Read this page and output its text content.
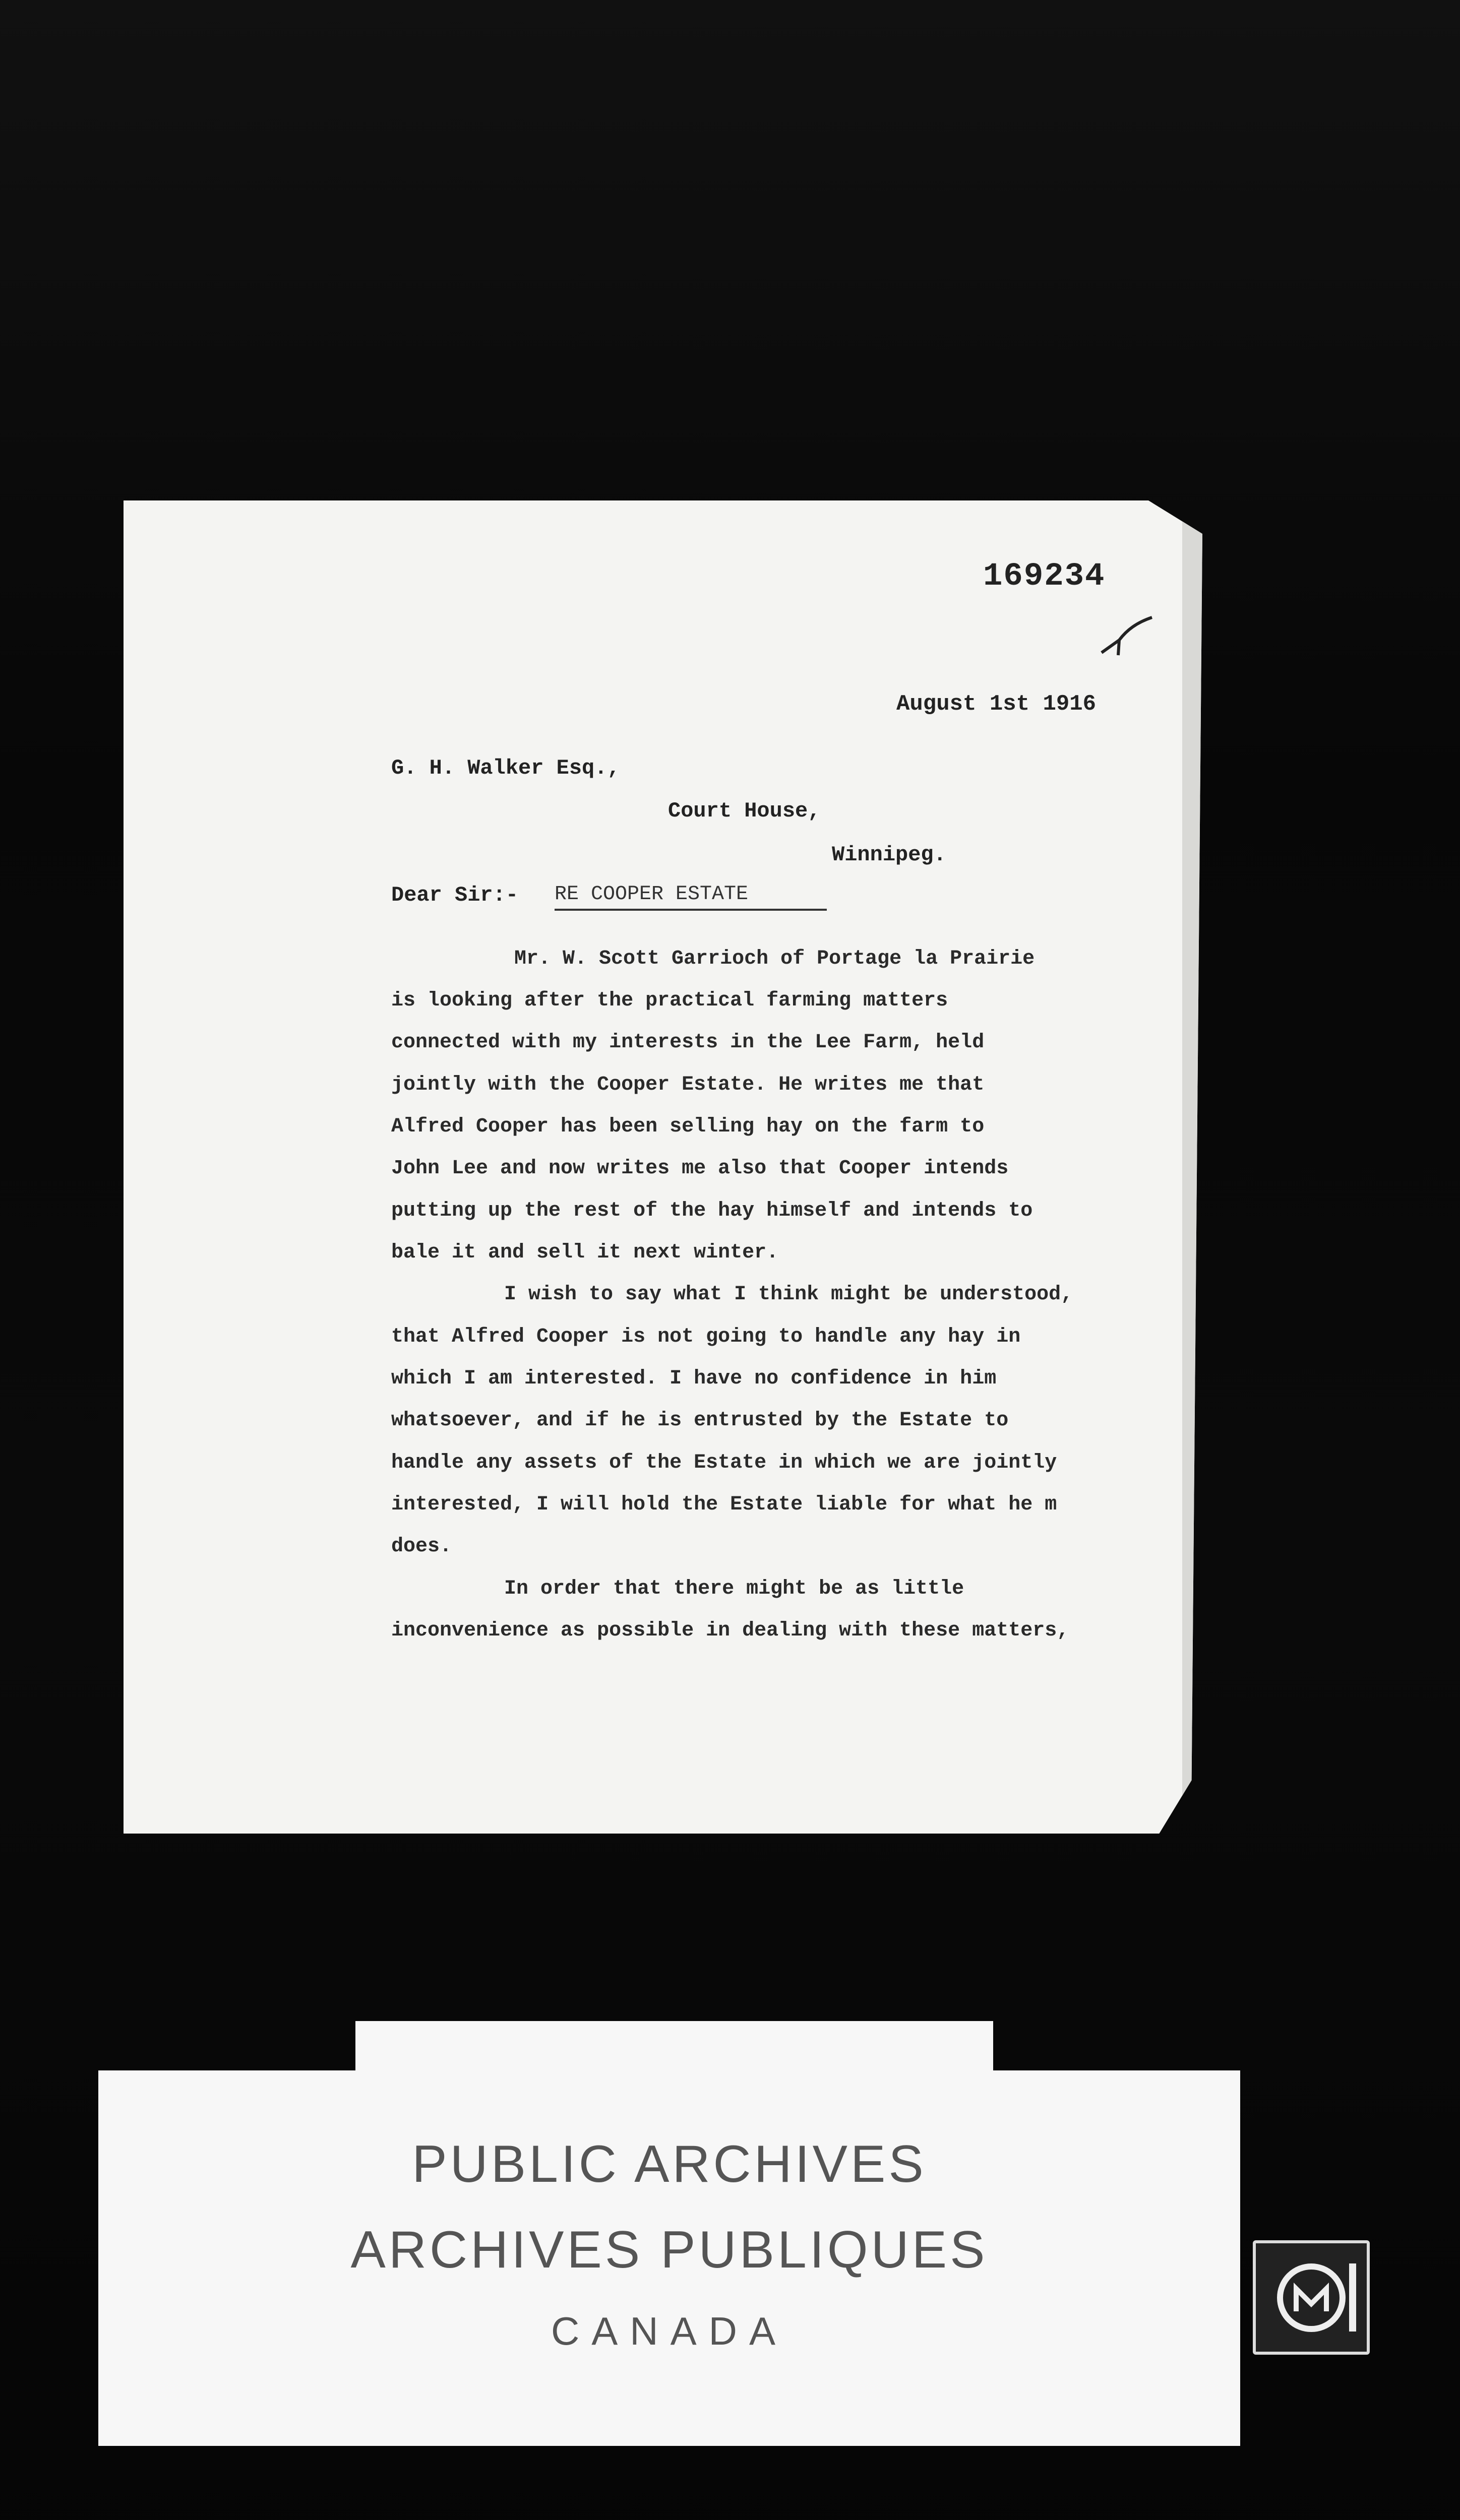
169234
August 1st 1916
G. H. Walker Esq.,
Court House,
Winnipeg.
Dear Sir:- RE COOPER ESTATE
Mr. W. Scott Garrioch of Portage la Prairie
is looking after the practical farming matters
connected with my interests in the Lee Farm, held
jointly with the Cooper Estate. He writes me that
Alfred Cooper has been selling hay on the farm to
John Lee and now writes me also that Cooper intends
putting up the rest of the hay himself and intends to
bale it and sell it next winter.
I wish to say what I think might be understood,
that Alfred Cooper is not going to handle any hay in
which I am interested. I have no confidence in him
whatsoever, and if he is entrusted by the Estate to
handle any assets of the Estate in which we are jointly
interested, I will hold the Estate liable for what he m
does.
In order that there might be as little
inconvenience as possible in dealing with these matters,
PUBLIC ARCHIVES
ARCHIVES PUBLIQUES
CANADA
